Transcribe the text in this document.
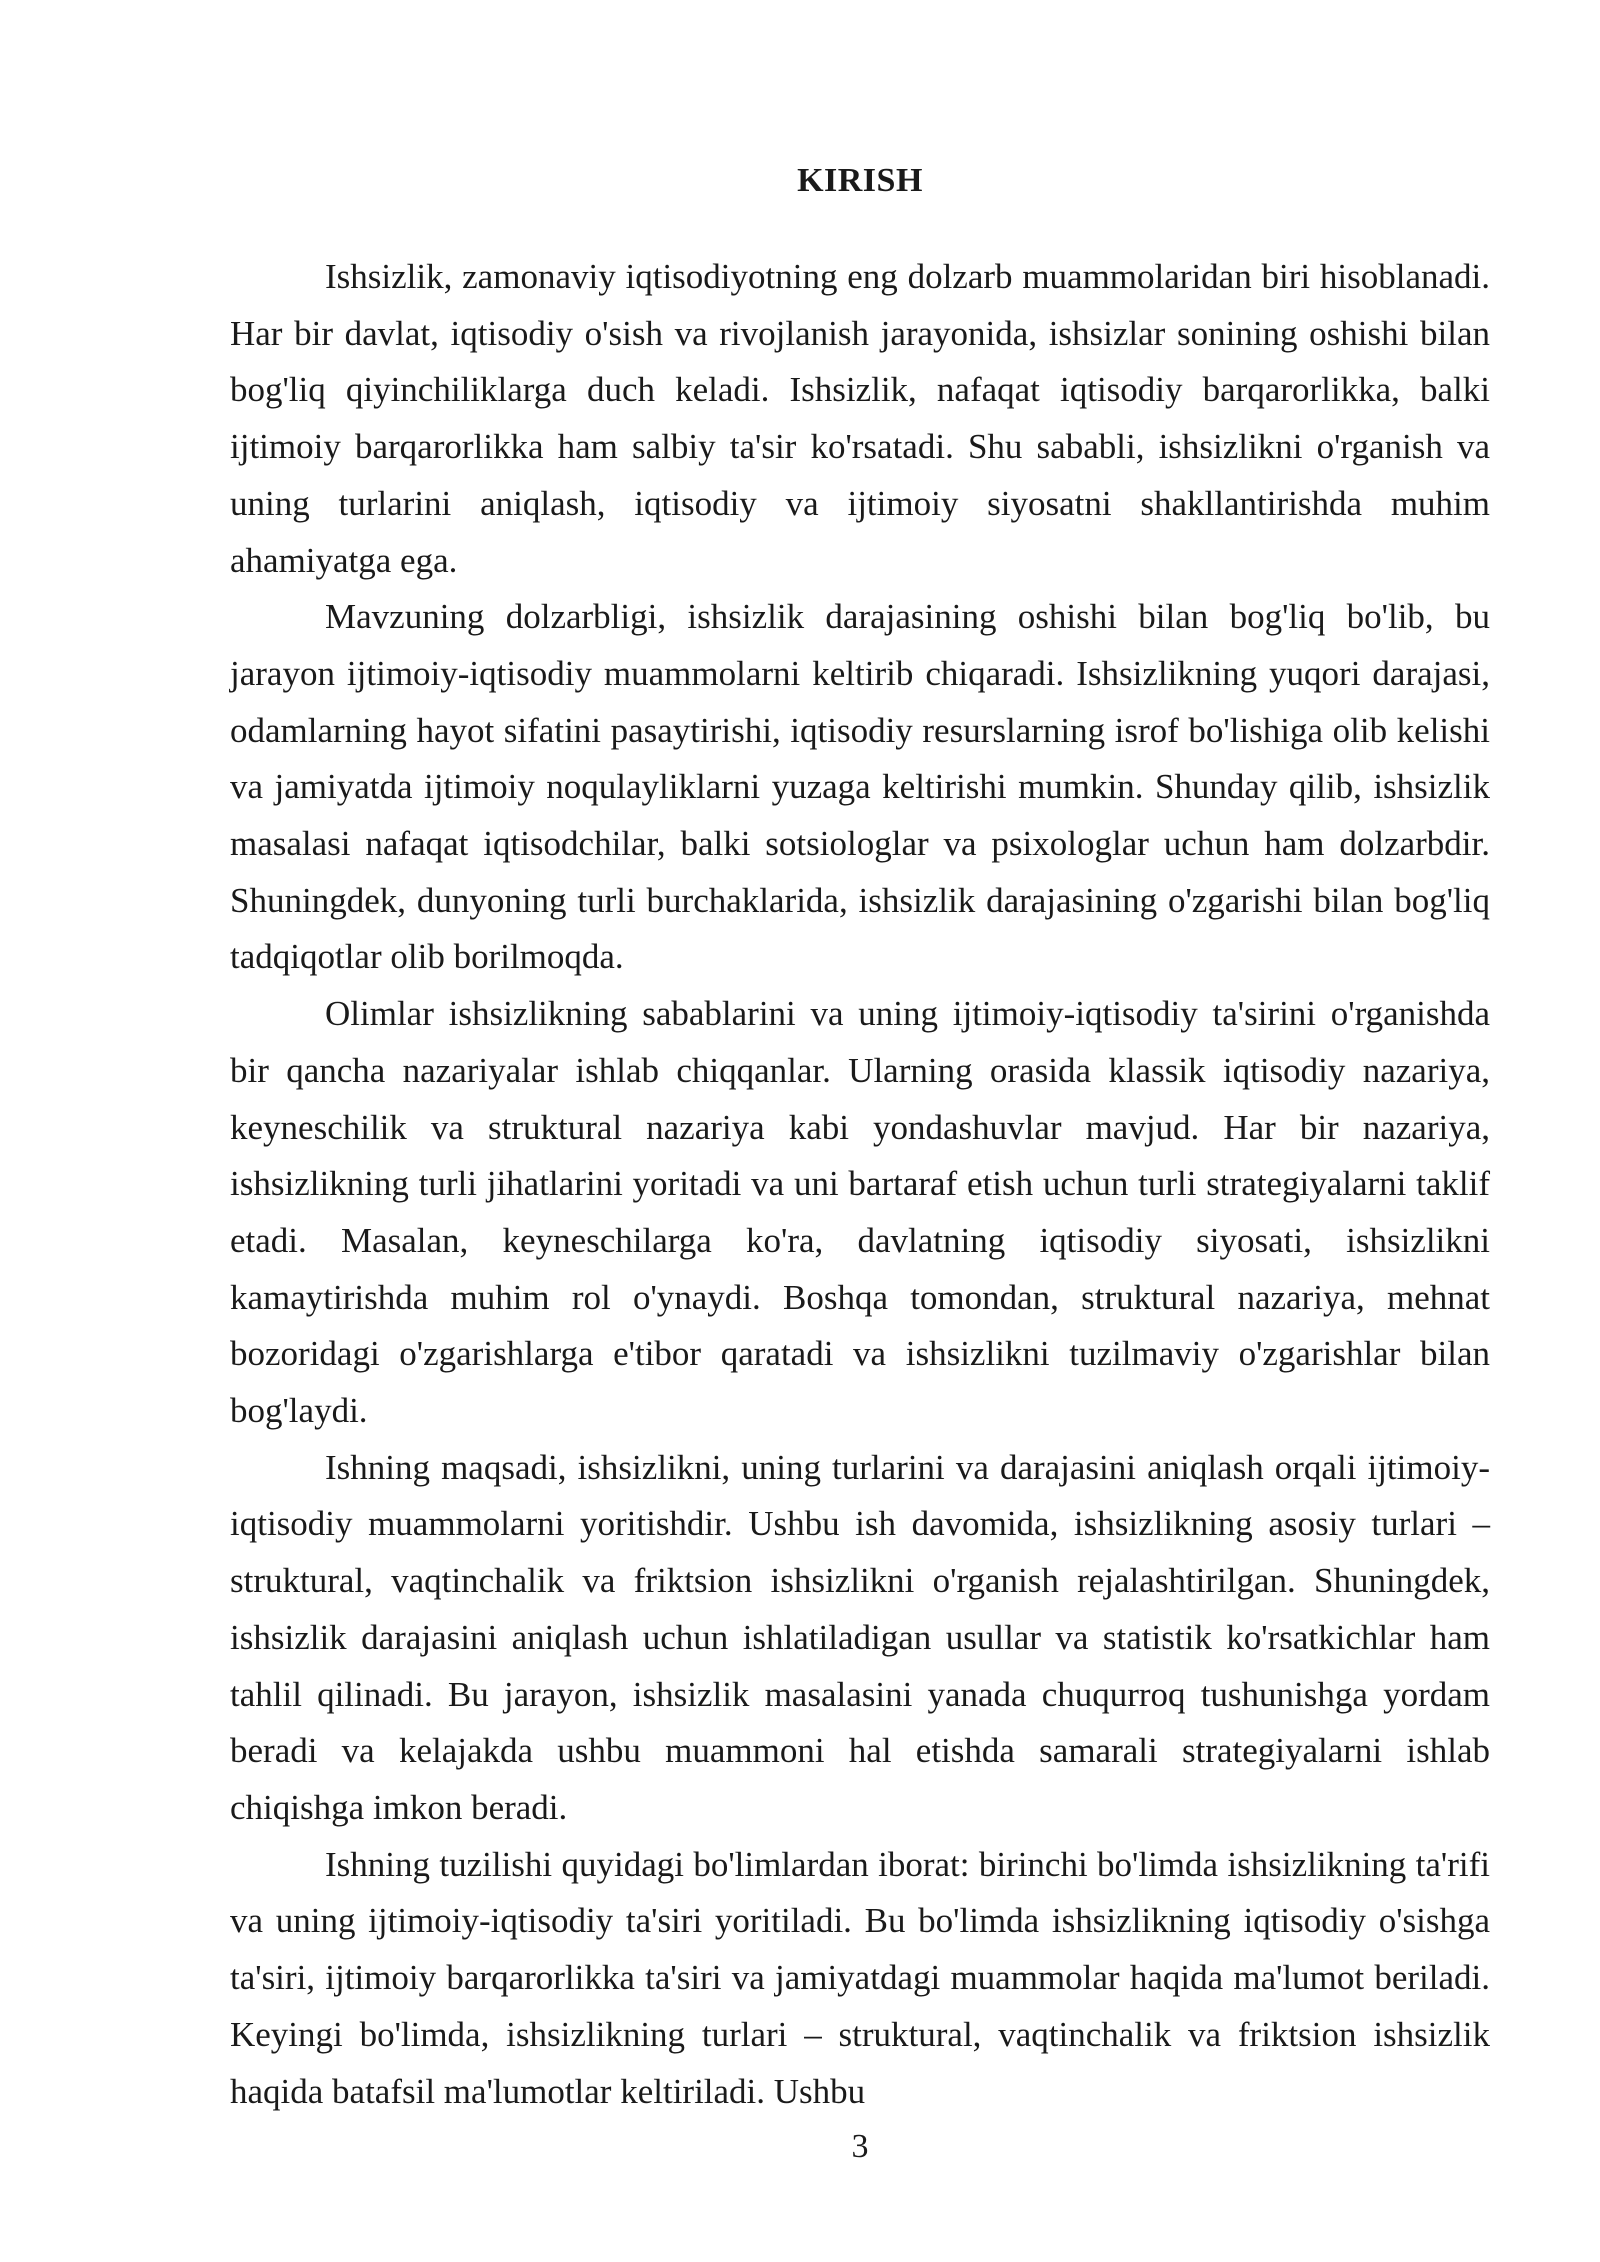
KIRISH

Ishsizlik, zamonaviy iqtisodiyotning eng dolzarb muammolaridan biri hisoblanadi. Har bir davlat, iqtisodiy o'sish va rivojlanish jarayonida, ishsizlar sonining oshishi bilan bog'liq qiyinchiliklarga duch keladi. Ishsizlik, nafaqat iqtisodiy barqarorlikka, balki ijtimoiy barqarorlikka ham salbiy ta'sir ko'rsatadi. Shu sababli, ishsizlikni o'rganish va uning turlarini aniqlash, iqtisodiy va ijtimoiy siyosatni shakllantirishda muhim ahamiyatga ega.

Mavzuning dolzarbligi, ishsizlik darajasining oshishi bilan bog'liq bo'lib, bu jarayon ijtimoiy-iqtisodiy muammolarni keltirib chiqaradi. Ishsizlikning yuqori darajasi, odamlarning hayot sifatini pasaytirishi, iqtisodiy resurslarning isrof bo'lishiga olib kelishi va jamiyatda ijtimoiy noqulayliklarni yuzaga keltirishi mumkin. Shunday qilib, ishsizlik masalasi nafaqat iqtisodchilar, balki sotsiologlar va psixologlar uchun ham dolzarbdir. Shuningdek, dunyoning turli burchaklarida, ishsizlik darajasining o'zgarishi bilan bog'liq tadqiqotlar olib borilmoqda.

Olimlar ishsizlikning sabablarini va uning ijtimoiy-iqtisodiy ta'sirini o'rganishda bir qancha nazariyalar ishlab chiqqanlar. Ularning orasida klassik iqtisodiy nazariya, keyneschilik va struktural nazariya kabi yondashuvlar mavjud. Har bir nazariya, ishsizlikning turli jihatlarini yoritadi va uni bartaraf etish uchun turli strategiyalarni taklif etadi. Masalan, keyneschilarga ko'ra, davlatning iqtisodiy siyosati, ishsizlikni kamaytirishda muhim rol o'ynaydi. Boshqa tomondan, struktural nazariya, mehnat bozoridagi o'zgarishlarga e'tibor qaratadi va ishsizlikni tuzilmaviy o'zgarishlar bilan bog'laydi.

Ishning maqsadi, ishsizlikni, uning turlarini va darajasini aniqlash orqali ijtimoiy-iqtisodiy muammolarni yoritishdir. Ushbu ish davomida, ishsizlikning asosiy turlari – struktural, vaqtinchalik va friktsion ishsizlikni o'rganish rejalashtirilgan. Shuningdek, ishsizlik darajasini aniqlash uchun ishlatiladigan usullar va statistik ko'rsatkichlar ham tahlil qilinadi. Bu jarayon, ishsizlik masalasini yanada chuqurroq tushunishga yordam beradi va kelajakda ushbu muammoni hal etishda samarali strategiyalarni ishlab chiqishga imkon beradi.

Ishning tuzilishi quyidagi bo'limlardan iborat: birinchi bo'limda ishsizlikning ta'rifi va uning ijtimoiy-iqtisodiy ta'siri yoritiladi. Bu bo'limda ishsizlikning iqtisodiy o'sishga ta'siri, ijtimoiy barqarorlikka ta'siri va jamiyatdagi muammolar haqida ma'lumot beriladi. Keyingi bo'limda, ishsizlikning turlari – struktural, vaqtinchalik va friktsion ishsizlik haqida batafsil ma'lumotlar keltiriladi. Ushbu

3
